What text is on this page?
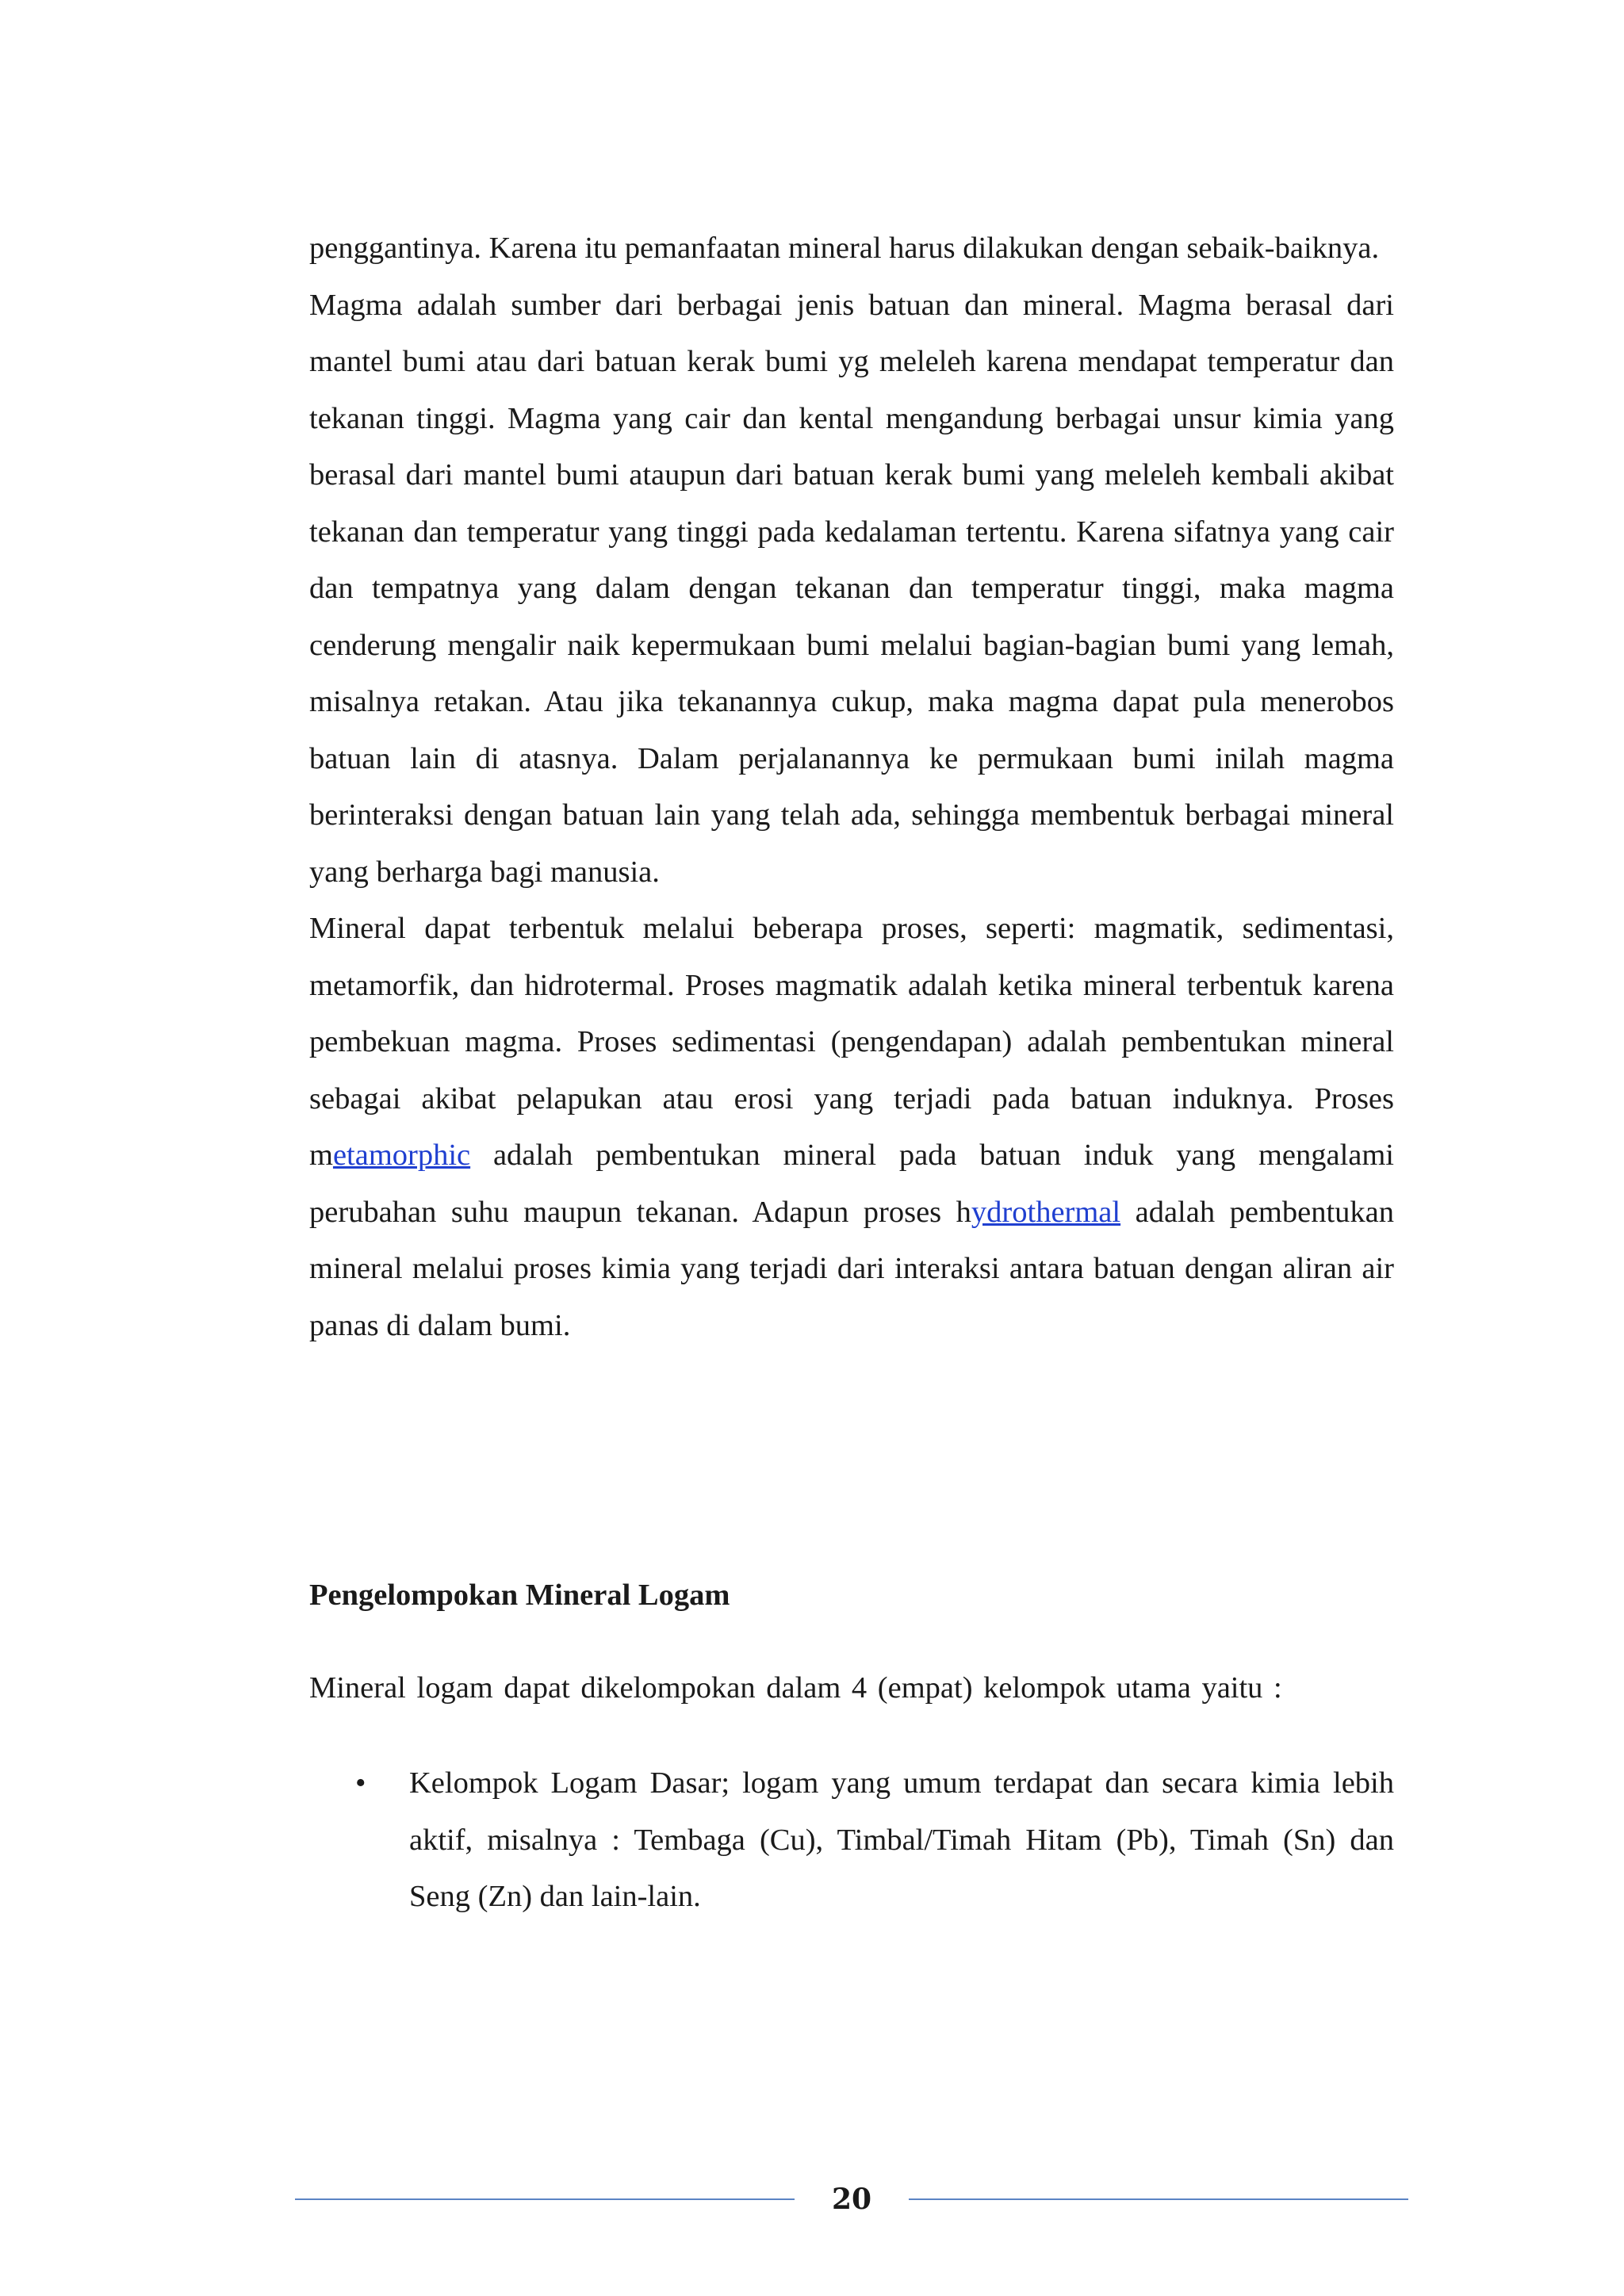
penggantinya. Karena itu pemanfaatan mineral harus dilakukan dengan sebaik-baiknya.

Magma adalah sumber dari berbagai jenis batuan dan mineral. Magma berasal dari mantel bumi atau dari batuan kerak bumi yg meleleh karena mendapat temperatur dan tekanan tinggi. Magma yang cair dan kental mengandung berbagai unsur kimia yang berasal dari mantel bumi ataupun dari batuan kerak bumi yang meleleh kembali akibat tekanan dan temperatur yang tinggi pada kedalaman tertentu. Karena sifatnya yang cair dan tempatnya yang dalam dengan tekanan dan temperatur tinggi, maka magma cenderung mengalir naik kepermukaan bumi melalui bagian-bagian bumi yang lemah, misalnya retakan. Atau jika tekanannya cukup, maka magma dapat pula menerobos batuan lain di atasnya. Dalam perjalanannya ke permukaan bumi inilah magma berinteraksi dengan batuan lain yang telah ada, sehingga membentuk berbagai mineral yang berharga bagi manusia.

Mineral dapat terbentuk melalui beberapa proses, seperti: magmatik, sedimentasi, metamorfik, dan hidrotermal. Proses magmatik adalah ketika mineral terbentuk karena pembekuan magma. Proses sedimentasi (pengendapan) adalah pembentukan mineral sebagai akibat pelapukan atau erosi yang terjadi pada batuan induknya. Proses metamorphic adalah pembentukan mineral pada batuan induk yang mengalami perubahan suhu maupun tekanan. Adapun proses hydrothermal adalah pembentukan mineral melalui proses kimia yang terjadi dari interaksi antara batuan dengan aliran air panas di dalam bumi.

Pengelompokan Mineral Logam

Mineral logam dapat dikelompokan dalam 4 (empat) kelompok utama yaitu :

• Kelompok Logam Dasar; logam yang umum terdapat dan secara kimia lebih aktif, misalnya : Tembaga (Cu), Timbal/Timah Hitam (Pb), Timah (Sn) dan Seng (Zn) dan lain-lain.
20
